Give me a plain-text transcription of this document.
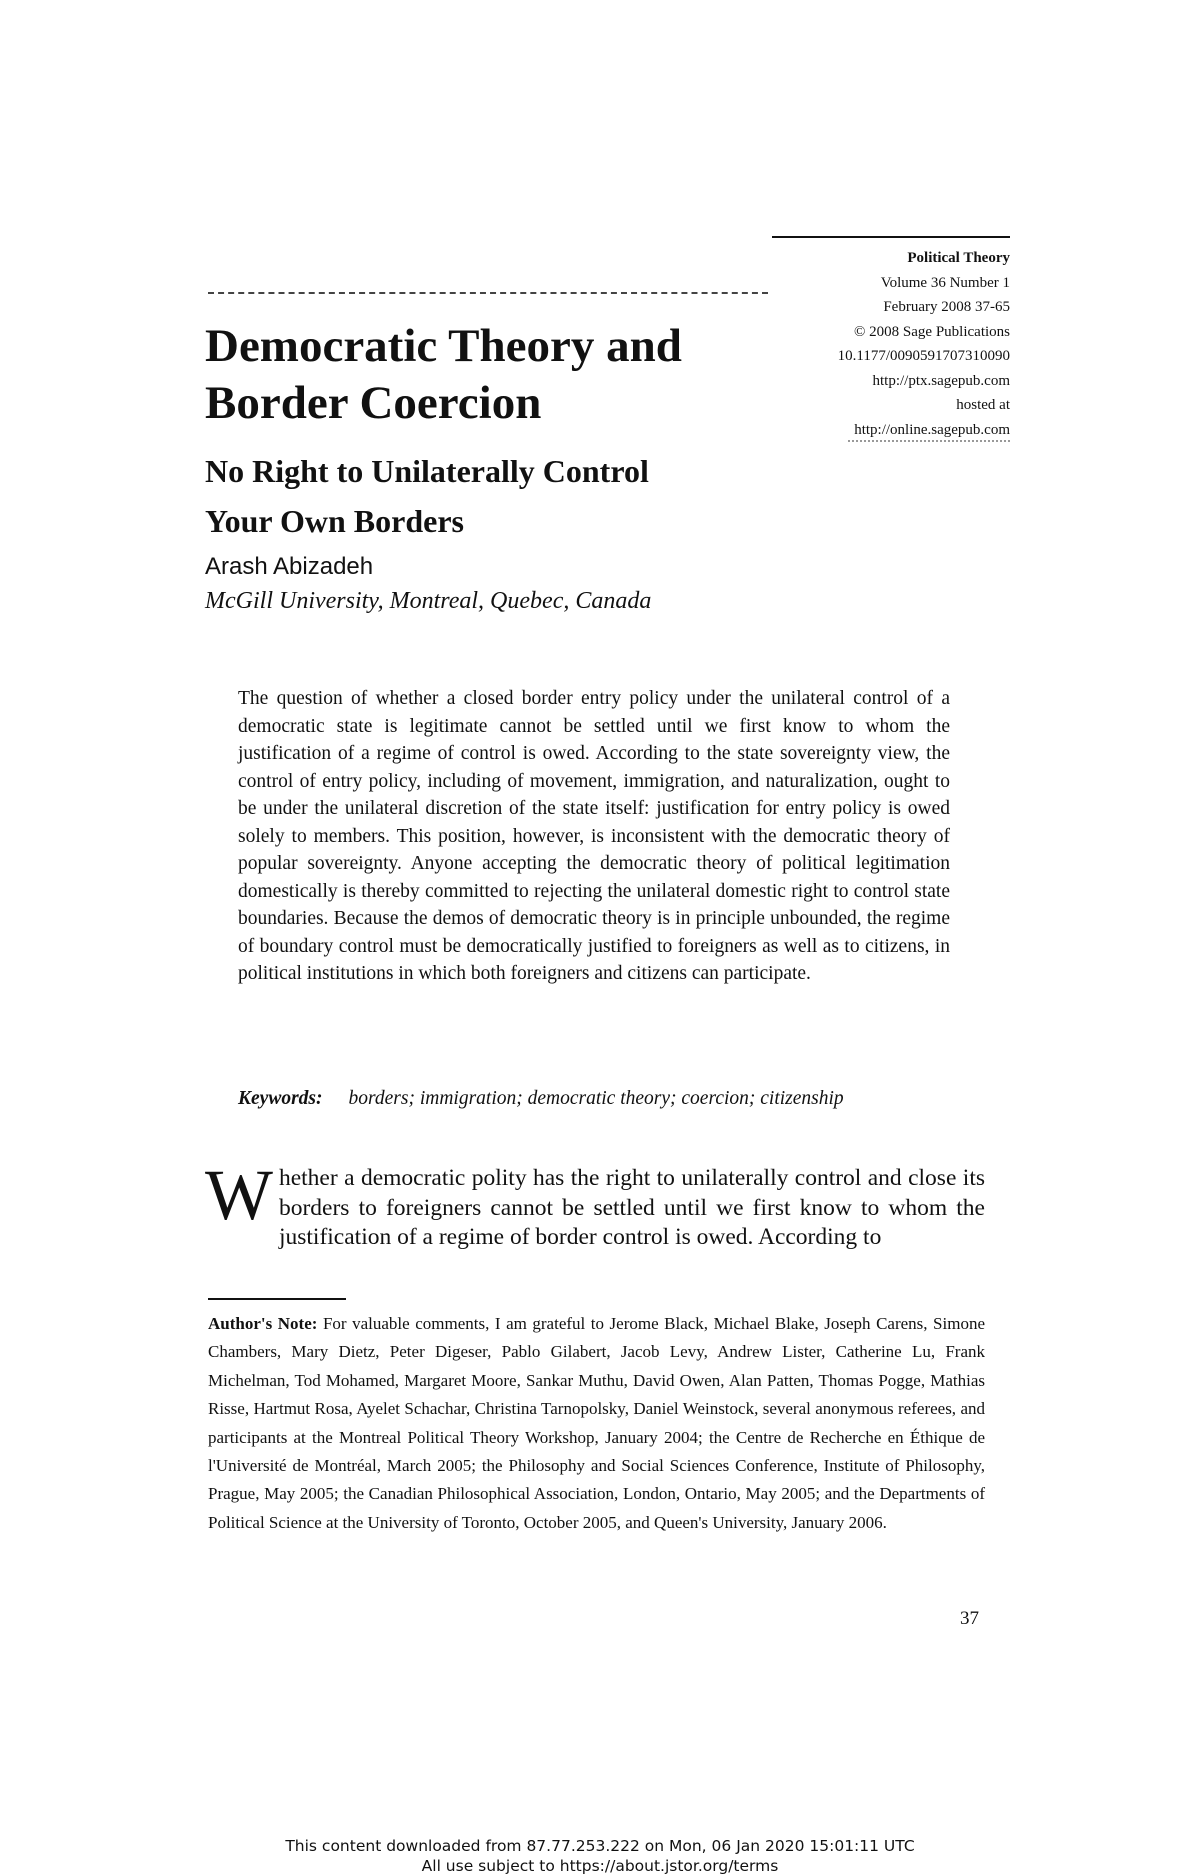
Political Theory
Volume 36 Number 1
February 2008 37-65
© 2008 Sage Publications
10.1177/0090591707310090
http://ptx.sagepub.com
hosted at
http://online.sagepub.com
Democratic Theory and
Border Coercion
No Right to Unilaterally Control
Your Own Borders
Arash Abizadeh
McGill University, Montreal, Quebec, Canada
The question of whether a closed border entry policy under the unilateral control of a democratic state is legitimate cannot be settled until we first know to whom the justification of a regime of control is owed. According to the state sovereignty view, the control of entry policy, including of movement, immigration, and naturalization, ought to be under the unilateral discretion of the state itself: justification for entry policy is owed solely to members. This position, however, is inconsistent with the democratic theory of popular sovereignty. Anyone accepting the democratic theory of political legitimation domestically is thereby committed to rejecting the unilateral domestic right to control state boundaries. Because the demos of democratic theory is in principle unbounded, the regime of boundary control must be democratically justified to foreigners as well as to citizens, in political institutions in which both foreigners and citizens can participate.
Keywords: borders; immigration; democratic theory; coercion; citizenship
Whether a democratic polity has the right to unilaterally control and close its borders to foreigners cannot be settled until we first know to whom the justification of a regime of border control is owed. According to
Author's Note: For valuable comments, I am grateful to Jerome Black, Michael Blake, Joseph Carens, Simone Chambers, Mary Dietz, Peter Digeser, Pablo Gilabert, Jacob Levy, Andrew Lister, Catherine Lu, Frank Michelman, Tod Mohamed, Margaret Moore, Sankar Muthu, David Owen, Alan Patten, Thomas Pogge, Mathias Risse, Hartmut Rosa, Ayelet Schachar, Christina Tarnopolsky, Daniel Weinstock, several anonymous referees, and participants at the Montreal Political Theory Workshop, January 2004; the Centre de Recherche en Éthique de l'Université de Montréal, March 2005; the Philosophy and Social Sciences Conference, Institute of Philosophy, Prague, May 2005; the Canadian Philosophical Association, London, Ontario, May 2005; and the Departments of Political Science at the University of Toronto, October 2005, and Queen's University, January 2006.
37
This content downloaded from 87.77.253.222 on Mon, 06 Jan 2020 15:01:11 UTC
All use subject to https://about.jstor.org/terms
